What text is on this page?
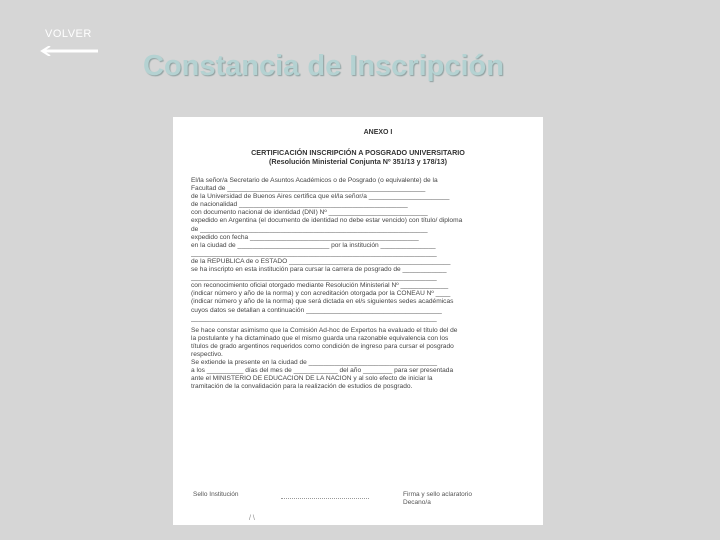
VOLVER
Constancia de Inscripción
ANEXO I
CERTIFICACIÓN INSCRIPCIÓN A POSGRADO UNIVERSITARIO
(Resolución Ministerial Conjunta Nº 351/13 y 178/13)
El/la señor/a Secretario de Asuntos Académicos o de Posgrado (o equivalente) de la
Facultad de ______________________________________________________
de la Universidad de Buenos Aires certifica que el/la señor/a ______________________
de nacionalidad ______________________________________________
con documento nacional de identidad (DNI) Nº ___________________________
expedido en Argentina (el documento de identidad no debe estar vencido) con título/ diploma
de ______________________________________________________________
expedido con fecha ______________________________________________
en la ciudad de _________________________ por la institución _______________
___________________________________________________________________
de la REPÚBLICA de o ESTADO ____________________________________________
se ha inscripto en esta institución para cursar la carrera de posgrado de ____________
___________________________________________________________________
con reconocimiento oficial otorgado mediante Resolución Ministerial Nº _____________
(indicar número y año de la norma) y con acreditación otorgada por la CONEAU Nº ____
(indicar número y año de la norma) que será dictada en el/s siguientes sedes académicas
cuyos datos se detallan a continuación _____________________________________
___________________________________________________________________
Se hace constar asimismo que la Comisión Ad-hoc de Expertos ha evaluado el título del de
la postulante y ha dictaminado que el mismo guarda una razonable equivalencia con los
títulos de grado argentinos requeridos como condición de ingreso para cursar el posgrado
respectivo.
Se extiende la presente en la ciudad de ___________________________________
a los __________ días del mes de ____________ del año ________ para ser presentada
ante el MINISTERIO DE EDUCACIÓN DE LA NACIÓN y al solo efecto de iniciar la
tramitación de la convalidación para la realización de estudios de posgrado.
Sello Institución	Firma y sello aclaratorio
Decano/a
/ \
